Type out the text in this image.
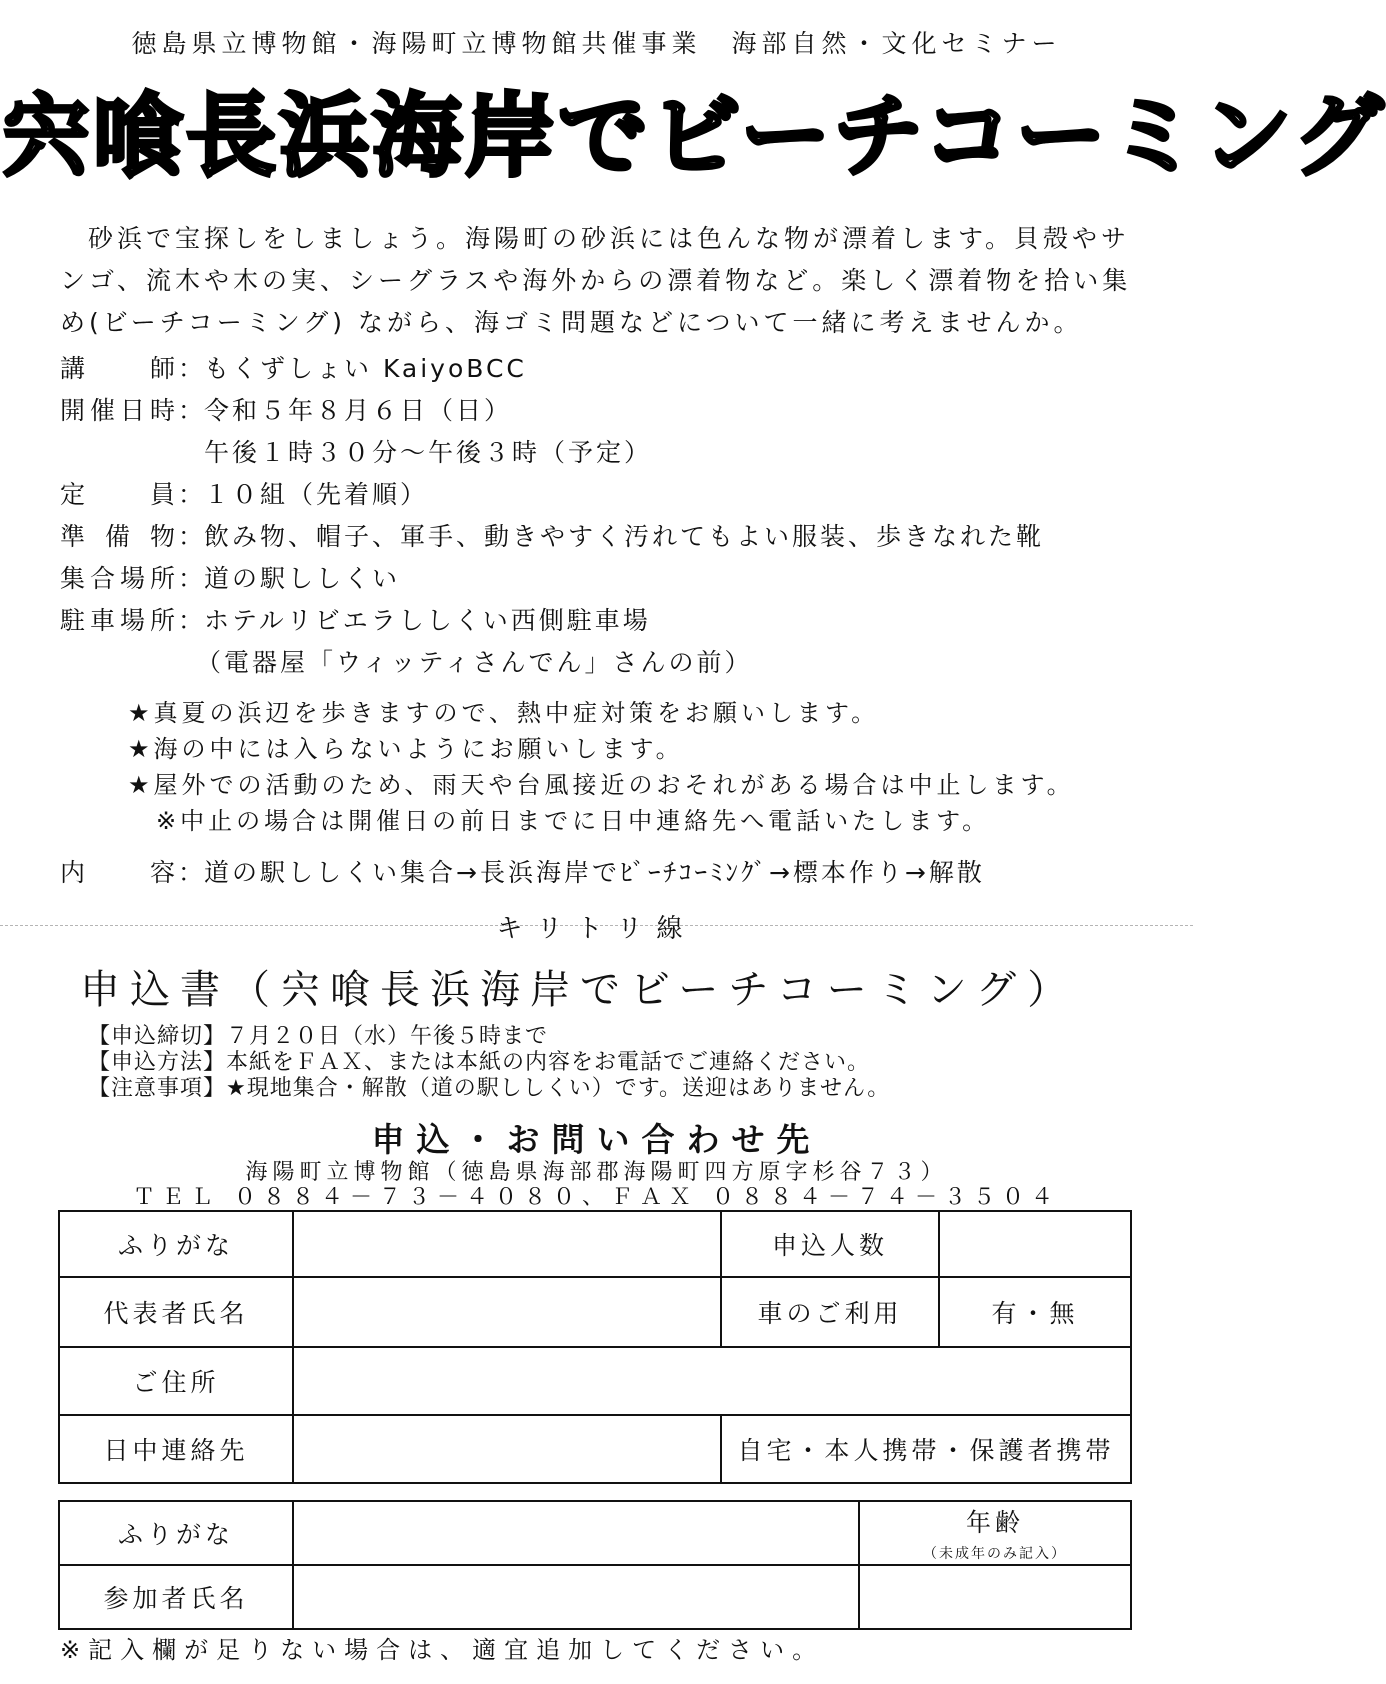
徳島県立博物館・海陽町立博物館共催事業　海部自然・文化セミナー
宍喰長浜海岸でビーチコーミング
砂浜で宝探しをしましょう。海陽町の砂浜には色んな物が漂着します。貝殻やサンゴ、流木や木の実、シーグラスや海外からの漂着物など。楽しく漂着物を拾い集め(ビーチコーミング) ながら、海ゴミ問題などについて一緒に考えませんか。
講師：もくずしょい KaiyoBCC
開催日時：令和５年８月６日（日）
午後１時３０分～午後３時（予定）
定員：１０組（先着順）
準備物：飲み物、帽子、軍手、動きやすく汚れてもよい服装、歩きなれた靴
集合場所：道の駅ししくい
駐車場所：ホテルリビエラししくい西側駐車場
（電器屋「ウィッティさんでん」さんの前）
★真夏の浜辺を歩きますので、熱中症対策をお願いします。
★海の中には入らないようにお願いします。
★屋外での活動のため、雨天や台風接近のおそれがある場合は中止します。
※中止の場合は開催日の前日までに日中連絡先へ電話いたします。
内容：道の駅ししくい集合→長浜海岸でﾋﾞｰﾁｺｰﾐﾝｸﾞ→標本作り→解散
キリトリ線
申込書（宍喰長浜海岸でビーチコーミング）
【申込締切】７月２０日（水）午後５時まで
【申込方法】本紙をＦＡＸ、または本紙の内容をお電話でご連絡ください。
【注意事項】★現地集合・解散（道の駅ししくい）です。送迎はありません。
申込・お問い合わせ先
海陽町立博物館（徳島県海部郡海陽町四方原字杉谷７３）
ＴＥＬ ０８８４－７３－４０８０、ＦＡＸ ０８８４－７４－３５０４
ふりがな		申込人数	
代表者氏名		車のご利用	有・無
ご住所			
日中連絡先		自宅・本人携帯・保護者携帯	
ふりがな		年齢
（未成年のみ記入）

参加者氏名		
※記入欄が足りない場合は、適宜追加してください。
